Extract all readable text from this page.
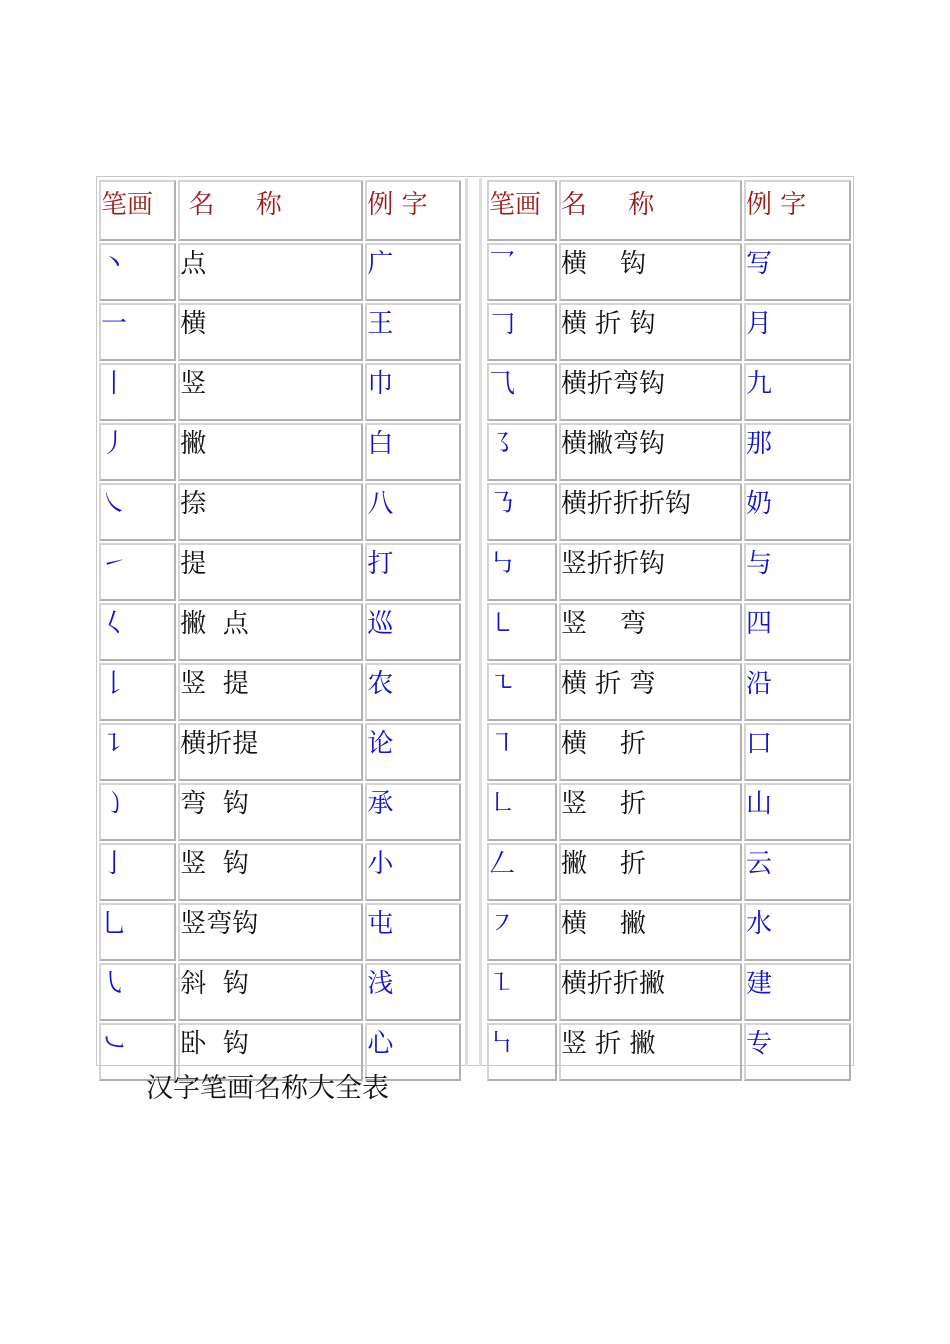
笔画	名     称	例 字
丶	点	广
一	横	王
丨	竖	巾
丿	撇	白
㇏	捺	八
㇀	提	打
𡿨	撇  点	巡
𠄌	竖  提	农
㇊	横折提	论
㇁	弯  钩	承
亅	竖  钩	小
乚	竖弯钩	屯
㇂	斜  钩	浅
㇃	卧  钩	心
笔画	名     称	例 字
乛	横    钩	写
𠃌	横 折 钩	月
⺄	横折弯钩	九
㇌	横撇弯钩	那
㇡	横折折折钩	奶
㇉	竖折折钩	与
㇄	竖    弯	四
㇍	横 折 弯	沿
㇕	横    折	口
㇗	竖    折	山
𠃋	撇    折	云
㇇	横    撇	水
㇅	横折折撇	建
㇞	竖 折 撇	专
汉字笔画名称大全表
